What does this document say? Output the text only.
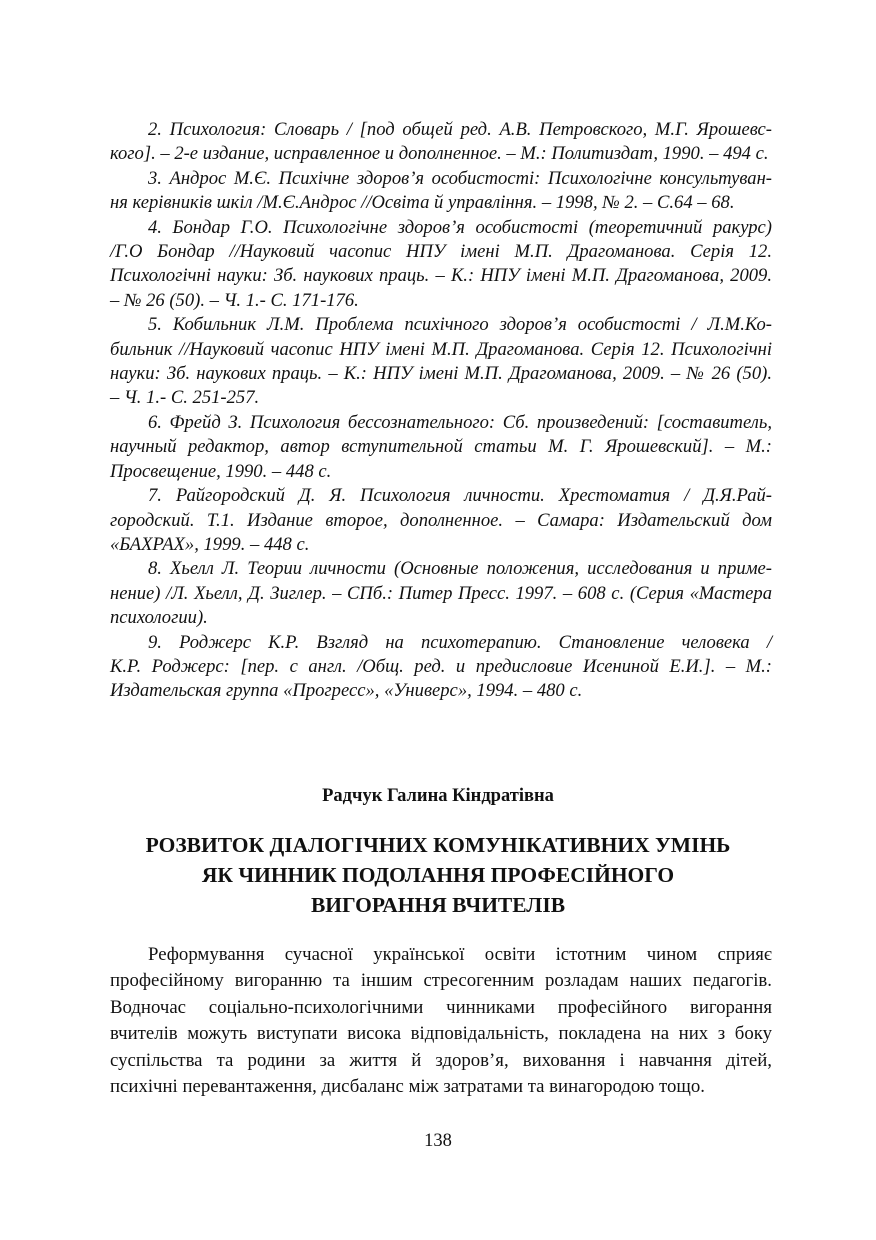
2. Психология: Словарь / [под общей ред. А.В. Петровского, М.Г. Ярошевс-
кого]. – 2-е издание, исправленное и дополненное. – М.: Политиздат, 1990. – 494 с.
3. Андрос М.Є. Психічне здоров’я особистості: Психологічне консультуван-
ня керівників шкіл /М.Є.Андрос //Освіта й управління. – 1998, № 2. – С.64 – 68.
4. Бондар Г.О. Психологічне здоров’я особистості (теоретичний ракурс)
/Г.О Бондар //Науковий часопис НПУ імені М.П. Драгоманова. Серія 12.
Психологічні науки: Зб. наукових праць. – К.: НПУ імені М.П. Драгоманова, 2009.
– № 26 (50). – Ч. 1.- С. 171-176.
5. Кобильник Л.М. Проблема психічного здоров’я особистості / Л.М.Ко-
бильник //Науковий часопис НПУ імені М.П. Драгоманова. Серія 12. Психологічні
науки: Зб. наукових праць. – К.: НПУ імені М.П. Драгоманова, 2009. – № 26 (50).
– Ч. 1.- С. 251-257.
6. Фрейд З. Психология бессознательного: Сб. произведений: [составитель,
научный редактор, автор вступительной статьи М. Г. Ярошевский]. – М.:
Просвещение, 1990. – 448 с.
7. Райгородский Д. Я. Психология личности. Хрестоматия / Д.Я.Рай-
городский. Т.1. Издание второе, дополненное. – Самара: Издательский дом
«БАХРАХ», 1999. – 448 с.
8. Хьелл Л. Теории личности (Основные положения, исследования и приме-
нение) /Л. Хьелл, Д. Зиглер. – СПб.: Питер Пресс. 1997. – 608 с. (Серия «Мастера
психологии).
9. Роджерс К.Р. Взгляд на психотерапию. Становление человека /
К.Р. Роджерс: [пер. с англ. /Общ. ред. и предисловие Исениной Е.И.]. – М.:
Издательская группа «Прогресс», «Универс», 1994. – 480 с.
Радчук Галина Кіндратівна
РОЗВИТОК ДІАЛОГІЧНИХ КОМУНІКАТИВНИХ УМІНЬ
ЯК ЧИННИК ПОДОЛАННЯ ПРОФЕСІЙНОГО
ВИГОРАННЯ ВЧИТЕЛІВ
Реформування сучасної української освіти істотним чином сприяє
професійному вигоранню та іншим стресогенним розладам наших педагогів.
Водночас соціально-психологічними чинниками професійного вигорання
вчителів можуть виступати висока відповідальність, покладена на них з боку
суспільства та родини за життя й здоров’я, виховання і навчання дітей,
психічні перевантаження, дисбаланс між затратами та винагородою тощо.
138
